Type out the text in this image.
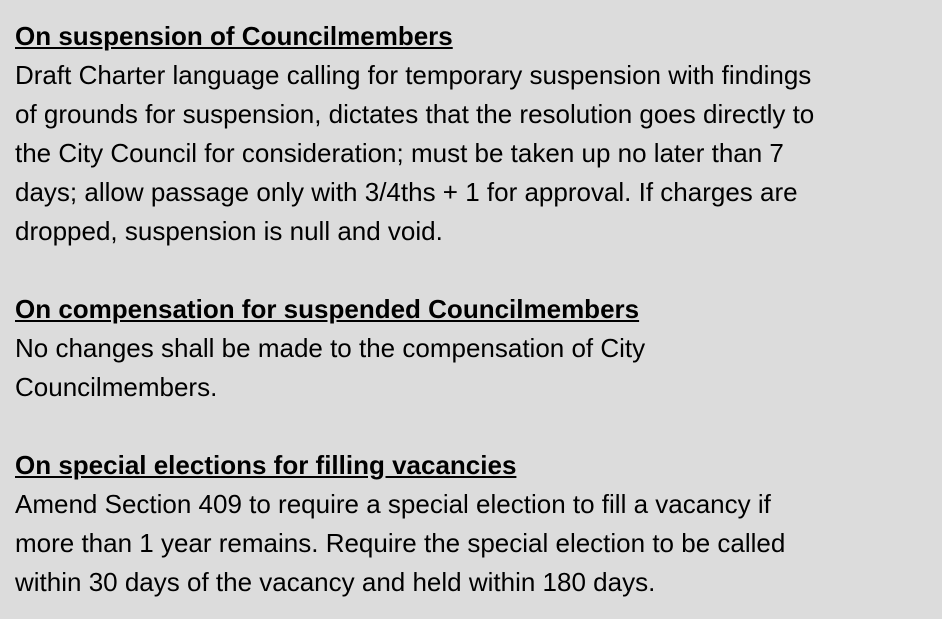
On suspension of Councilmembers

Draft Charter language calling for temporary suspension with findings
of grounds for suspension, dictates that the resolution goes directly to
the City Council for consideration; must be taken up no later than 7
days; allow passage only with 3/4ths + 1 for approval. If charges are
dropped, suspension is null and void.

On compensation for suspended Councilmembers

No changes shall be made to the compensation of City
Councilmembers.

On special elections for filling vacancies

Amend Section 409 to require a special election to fill a vacancy if
more than 1 year remains. Require the special election to be called
within 30 days of the vacancy and held within 180 days.
